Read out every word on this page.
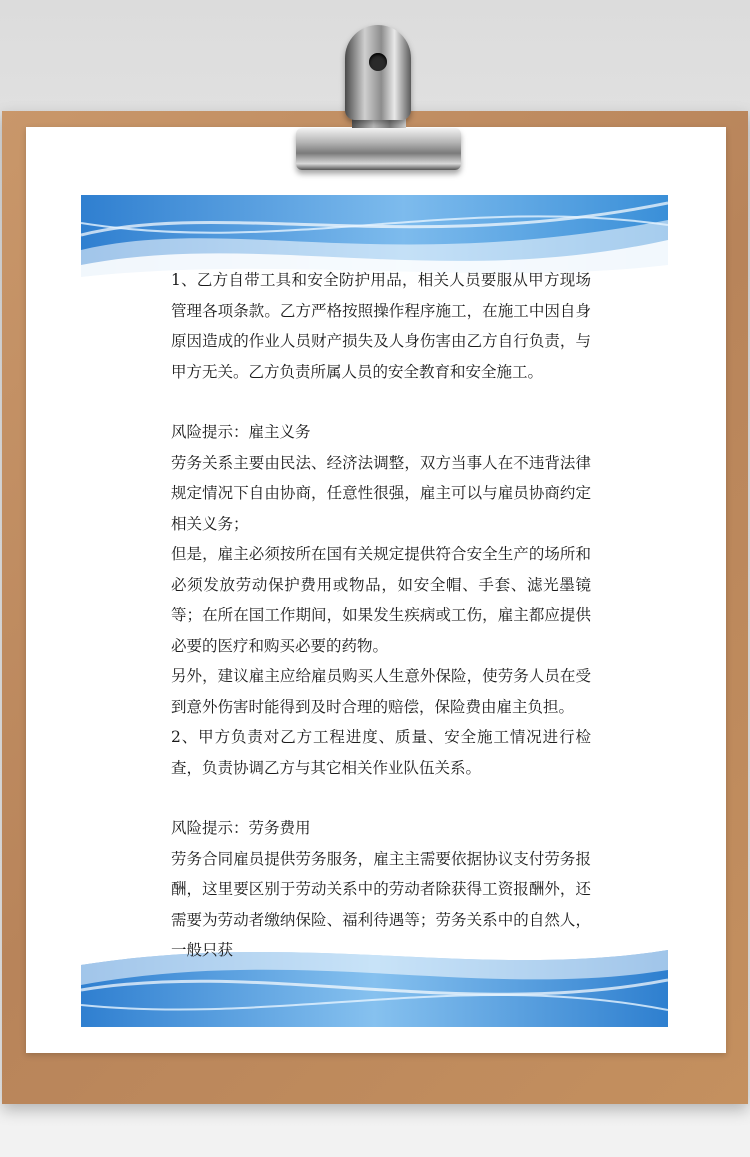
1、乙方自带工具和安全防护用品，相关人员要服从甲方现场管理各项条款。乙方严格按照操作程序施工，在施工中因自身原因造成的作业人员财产损失及人身伤害由乙方自行负责，与甲方无关。乙方负责所属人员的安全教育和安全施工。

风险提示：雇主义务

劳务关系主要由民法、经济法调整，双方当事人在不违背法律规定情况下自由协商，任意性很强，雇主可以与雇员协商约定相关义务；

但是，雇主必须按所在国有关规定提供符合安全生产的场所和必须发放劳动保护费用或物品，如安全帽、手套、滤光墨镜等；在所在国工作期间，如果发生疾病或工伤，雇主都应提供必要的医疗和购买必要的药物。

另外，建议雇主应给雇员购买人生意外保险，使劳务人员在受到意外伤害时能得到及时合理的赔偿，保险费由雇主负担。

2、甲方负责对乙方工程进度、质量、安全施工情况进行检查，负责协调乙方与其它相关作业队伍关系。

风险提示：劳务费用

劳务合同雇员提供劳务服务，雇主主需要依据协议支付劳务报酬，这里要区别于劳动关系中的劳动者除获得工资报酬外，还需要为劳动者缴纳保险、福利待遇等；劳务关系中的自然人，一般只获
